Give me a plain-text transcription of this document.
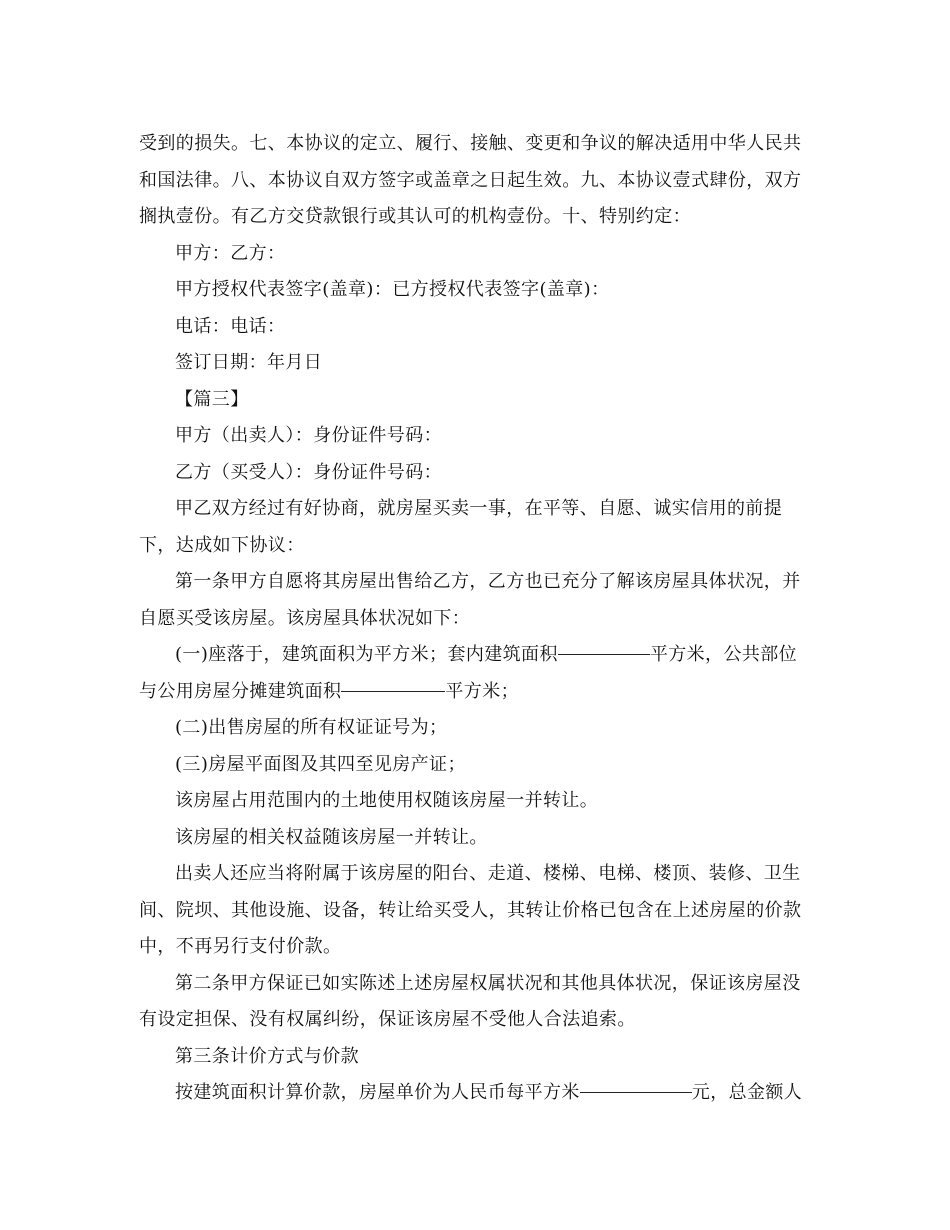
受到的损失。七、本协议的定立、履行、接触、变更和争议的解决适用中华人民共
和国法律。八、本协议自双方签字或盖章之日起生效。九、本协议壹式肆份，双方
搁执壹份。有乙方交贷款银行或其认可的机构壹份。十、特别约定：
甲方：乙方：
甲方授权代表签字(盖章)：已方授权代表签字(盖章)：
电话：电话：
签订日期：年月日
【篇三】
甲方（出卖人）：身份证件号码：
乙方（买受人）：身份证件号码：
甲乙双方经过有好协商，就房屋买卖一事，在平等、自愿、诚实信用的前提
下，达成如下协议：
第一条甲方自愿将其房屋出售给乙方，乙方也已充分了解该房屋具体状况，并
自愿买受该房屋。该房屋具体状况如下：
(一)座落于，建筑面积为平方米；套内建筑面积	平方米，公共部位
与公用房屋分摊建筑面积	平方米；
(二)出售房屋的所有权证证号为；
(三)房屋平面图及其四至见房产证；
该房屋占用范围内的土地使用权随该房屋一并转让。
该房屋的相关权益随该房屋一并转让。
出卖人还应当将附属于该房屋的阳台、走道、楼梯、电梯、楼顶、装修、卫生
间、院坝、其他设施、设备，转让给买受人，其转让价格已包含在上述房屋的价款
中，不再另行支付价款。
第二条甲方保证已如实陈述上述房屋权属状况和其他具体状况，保证该房屋没
有设定担保、没有权属纠纷，保证该房屋不受他人合法追索。
第三条计价方式与价款
按建筑面积计算价款，房屋单价为人民币每平方米	元，总金额人
